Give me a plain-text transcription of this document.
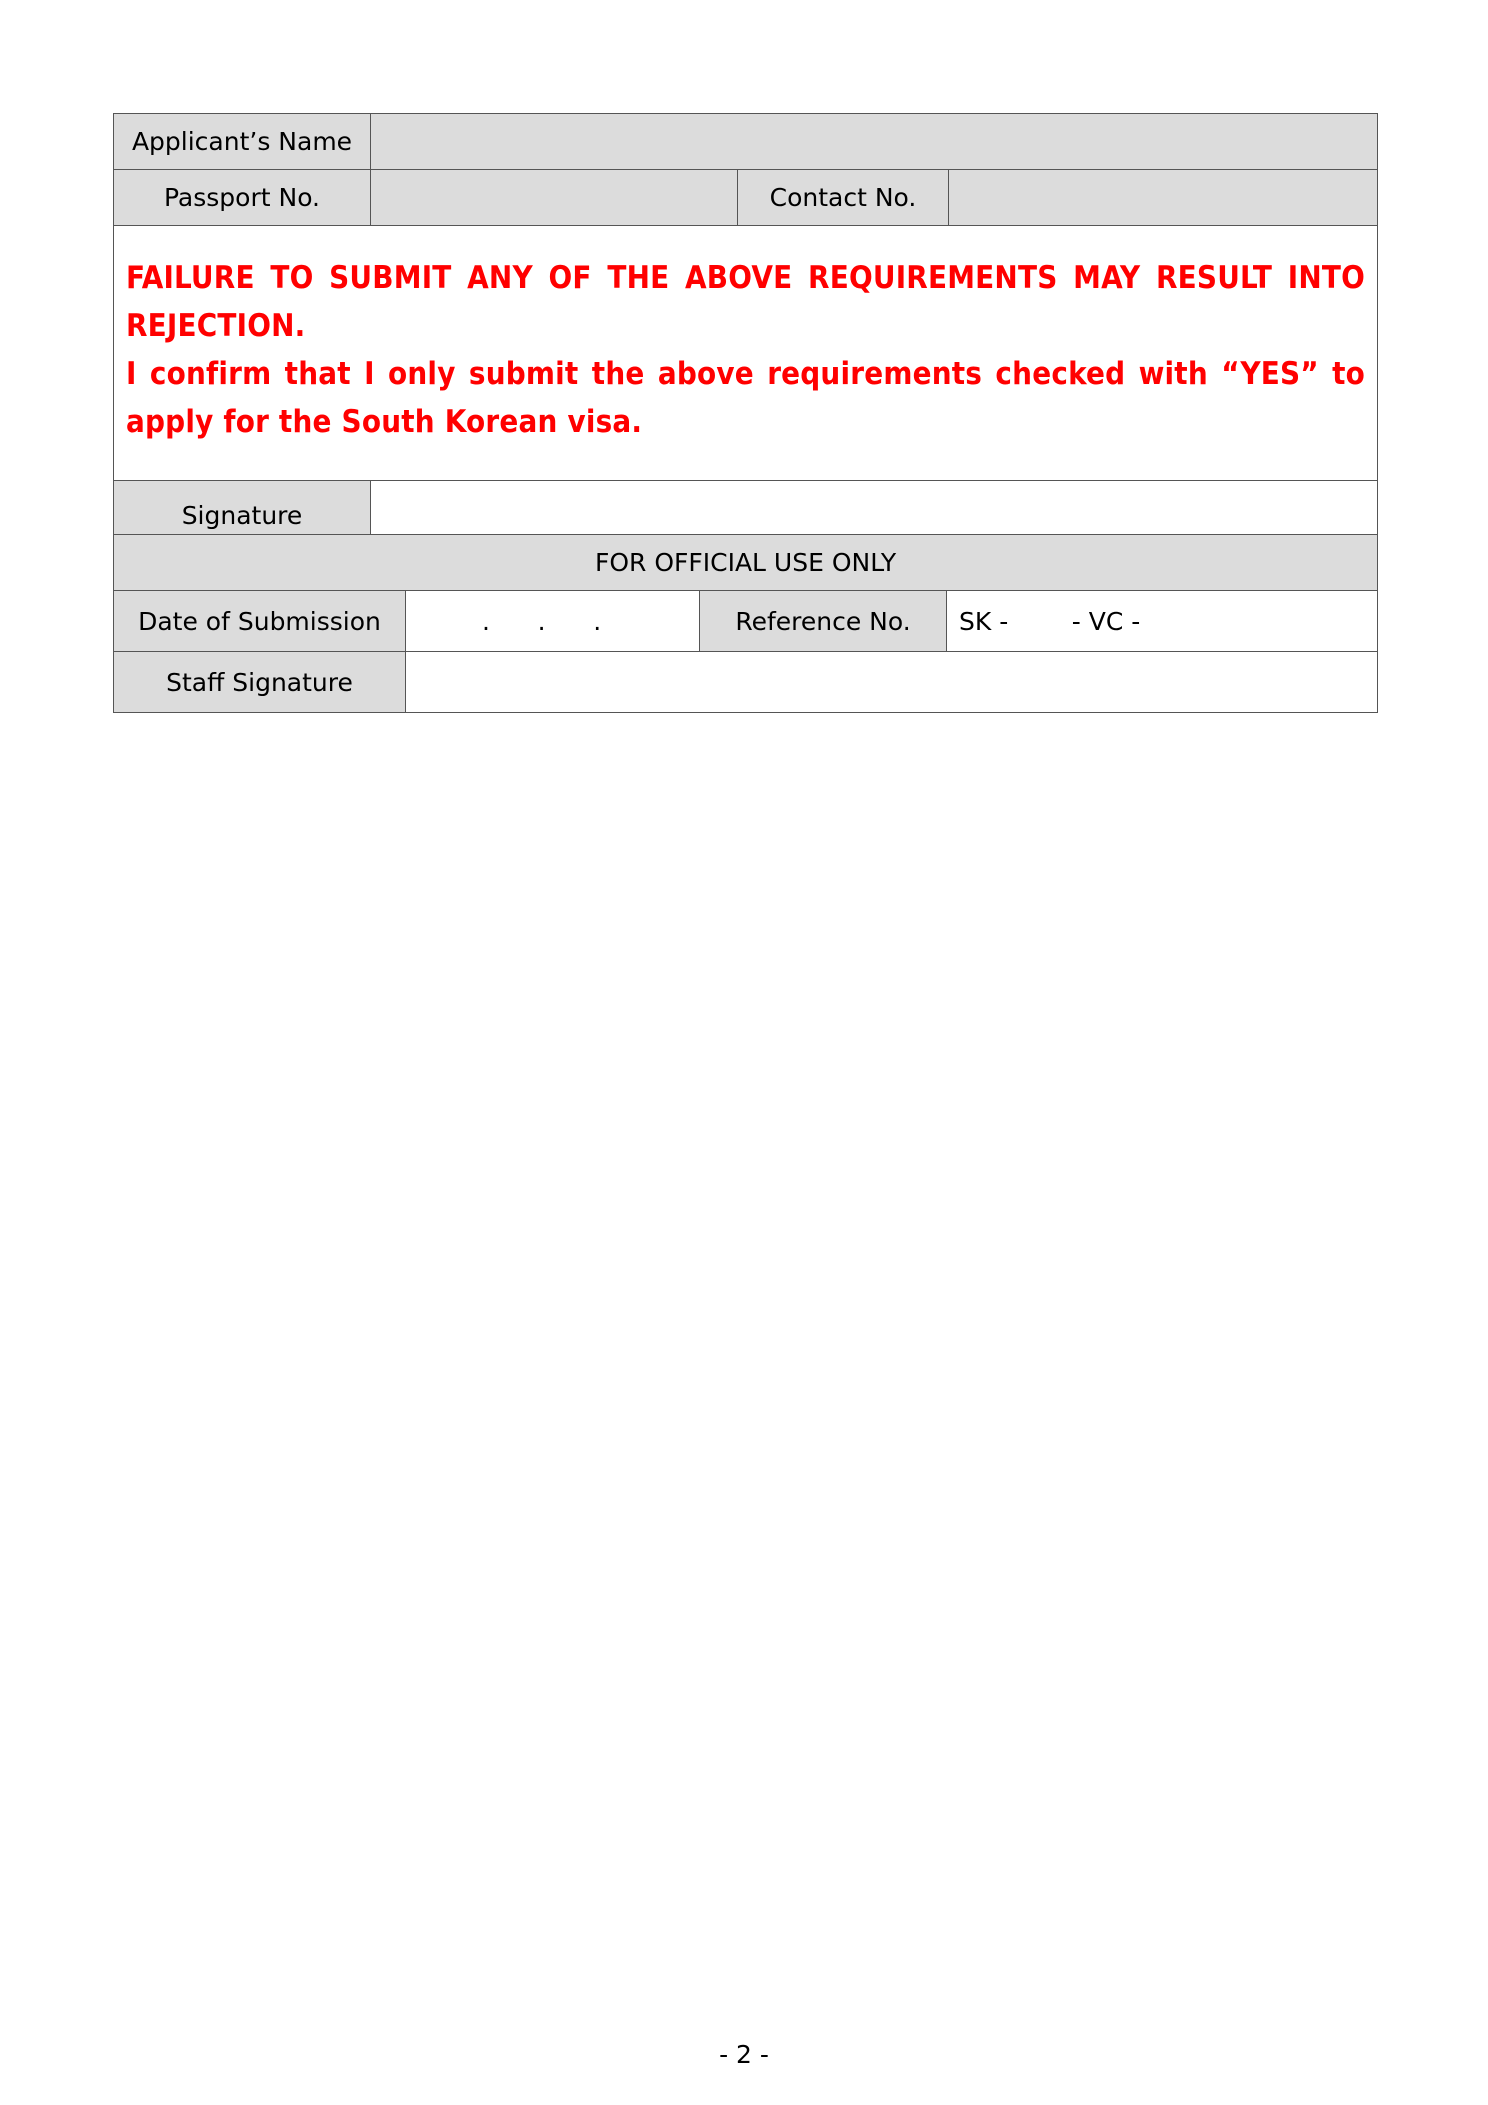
Applicant’s Name			
Passport No.		Contact No.	

FAILURE TO SUBMIT ANY OF THE ABOVE REQUIREMENTS MAY RESULT INTO REJECTION.
I confirm that I only submit the above requirements checked with “YES” to apply for the South Korean visa.			

Signature			
FOR OFFICIAL USE ONLY			
Date of Submission	.      .      .	Reference No.	SK -        - VC -
Staff Signature			
- 2 -
